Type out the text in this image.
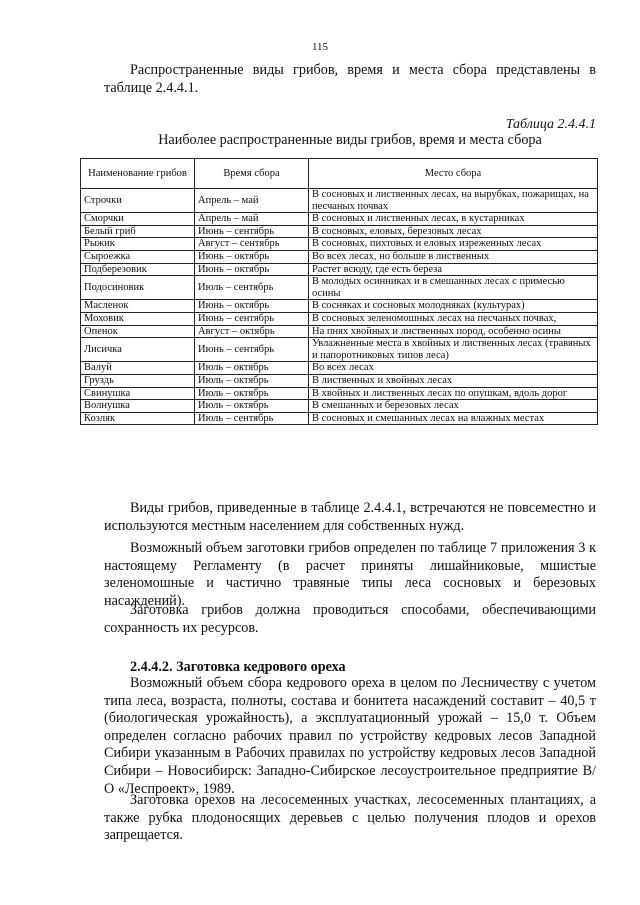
115

Распространенные виды грибов, время и места сбора представлены в таблице 2.4.4.1.

Таблица 2.4.4.1
Наиболее распространенные виды грибов, время и места сбора
Наименование грибов	Время сбора	Место сбора
Строчки	Апрель – май	В сосновых и лиственных лесах, на вырубках, пожарищах, на песчаных почвах
Сморчки	Апрель – май	В сосновых и лиственных лесах, в кустарниках
Белый гриб	Июнь – сентябрь	В сосновых, еловых, березовых лесах
Рыжик	Август – сентябрь	В сосновых, пихтовых и еловых изреженных лесах
Сыроежка	Июнь – октябрь	Во всех лесах, но больше в лиственных
Подберезовик	Июнь – октябрь	Растет всюду, где есть береза
Подосиновик	Июль – сентябрь	В молодых осинниках и в смешанных лесах с примесью осины
Масленок	Июнь – октябрь	В сосняках и сосновых молодняках (культурах)
Моховик	Июнь – сентябрь	В сосновых зеленомошных лесах на песчаных почвах,
Опенок	Август – октябрь	На пнях хвойных и лиственных пород, особенно осины
Лисичка	Июнь – сентябрь	Увлажненные места в хвойных и лиственных лесах (травяных и папоротниковых типов леса)
Валуй	Июль – октябрь	Во всех лесах
Груздь	Июль – октябрь	В лиственных и хвойных лесах
Свинушка	Июль – октябрь	В хвойных и лиственных лесах по опушкам, вдоль дорог
Волнушка	Июль – октябрь	В смешанных и березовых лесах
Козляк	Июль – сентябрь	В сосновых и смешанных лесах на влажных местах

Виды грибов, приведенные в таблице 2.4.4.1, встречаются не повсеместно и используются местным населением для собственных нужд.

Возможный объем заготовки грибов определен по таблице 7 приложения 3 к настоящему Регламенту (в расчет приняты лишайниковые, мшистые зеленомошные и частично травяные типы леса сосновых и березовых насаждений).

Заготовка грибов должна проводиться способами, обеспечивающими сохранность их ресурсов.

2.4.4.2. Заготовка кедрового ореха

Возможный объем сбора кедрового ореха в целом по Лесничеству с учетом типа леса, возраста, полноты, состава и бонитета насаждений составит – 40,5 т (биологическая урожайность), а эксплуатационный урожай – 15,0 т. Объем определен согласно рабочих правил по устройству кедровых лесов Западной Сибири указанным в Рабочих правилах по устройству кедровых лесов Западной Сибири – Новосибирск: Западно-Сибирское лесоустроительное предприятие В/О «Леспроект», 1989.

Заготовка орехов на лесосеменных участках, лесосеменных плантациях, а также рубка плодоносящих деревьев с целью получения плодов и орехов запрещается.
